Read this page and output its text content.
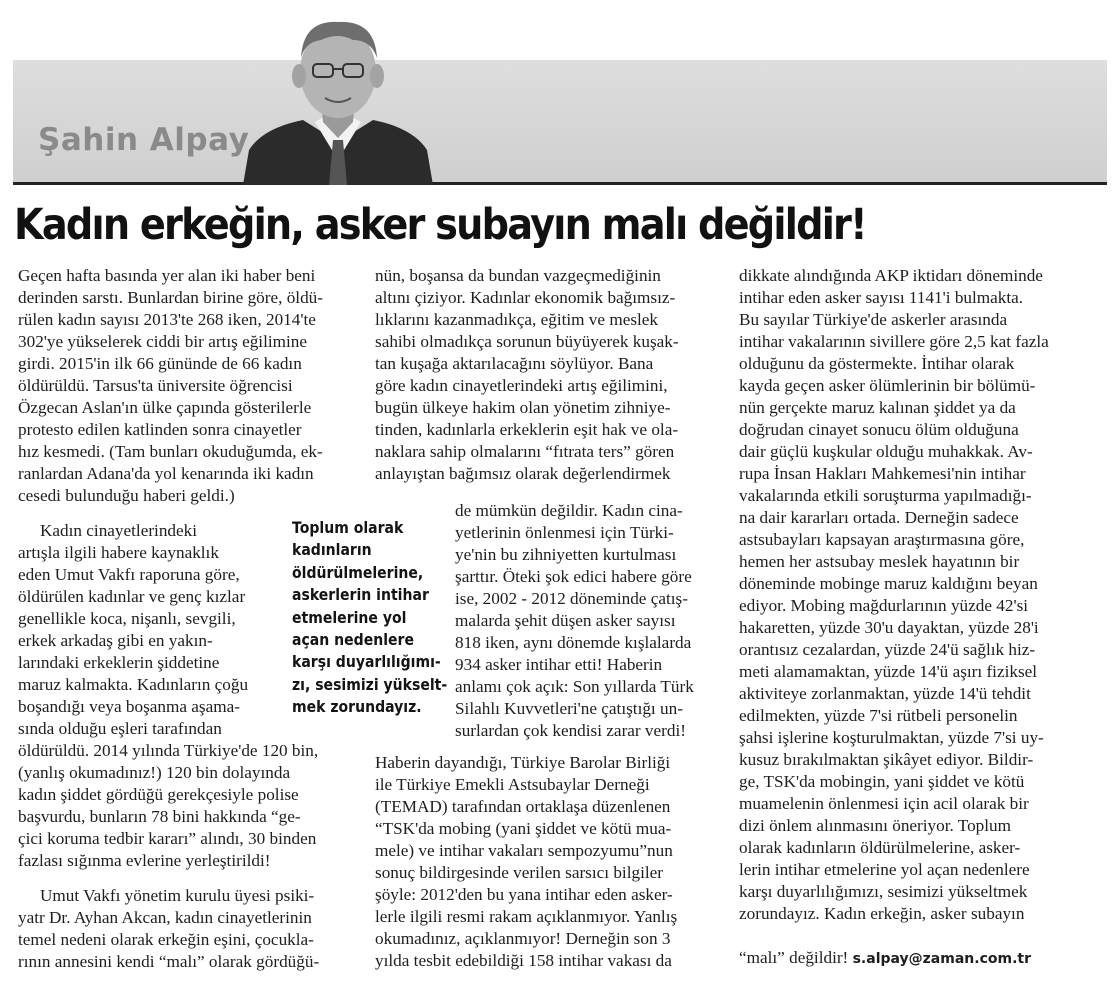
Şahin Alpay
Kadın erkeğin, asker subayın malı değildir!

Geçen hafta basında yer alan iki haber beni

derinden sarstı. Bunlardan birine göre, öldü-

rülen kadın sayısı 2013'te 268 iken, 2014'te

302'ye yükselerek ciddi bir artış eğilimine

girdi. 2015'in ilk 66 gününde de 66 kadın

öldürüldü. Tarsus'ta üniversite öğrencisi

Özgecan Aslan'ın ülke çapında gösterilerle

protesto edilen katlinden sonra cinayetler

hız kesmedi. (Tam bunları okuduğumda, ek-

ranlardan Adana'da yol kenarında iki kadın

cesedi bulunduğu haberi geldi.)

Kadın cinayetlerindeki

artışla ilgili habere kaynaklık

eden Umut Vakfı raporuna göre,

öldürülen kadınlar ve genç kızlar

genellikle koca, nişanlı, sevgili,

erkek arkadaş gibi en yakın-

larındaki erkeklerin şiddetine

maruz kalmakta. Kadınların çoğu

boşandığı veya boşanma aşama-

sında olduğu eşleri tarafından

öldürüldü. 2014 yılında Türkiye'de 120 bin,

(yanlış okumadınız!) 120 bin dolayında

kadın şiddet gördüğü gerekçesiyle polise

başvurdu, bunların 78 bini hakkında “ge-

çici koruma tedbir kararı” alındı, 30 binden

fazlası sığınma evlerine yerleştirildi!

Umut Vakfı yönetim kurulu üyesi psiki-

yatr Dr. Ayhan Akcan, kadın cinayetlerinin

temel nedeni olarak erkeğin eşini, çocukla-

rının annesini kendi “malı” olarak gördüğü-

Toplum olarak
kadınların
öldürülmelerine,
askerlerin intihar
etmelerine yol
açan nedenlere
karşı duyarlılığımı-
zı, sesimizi yükselt-
mek zorundayız.

nün, boşansa da bundan vazgeçmediğinin

altını çiziyor. Kadınlar ekonomik bağımsız-

lıklarını kazanmadıkça, eğitim ve meslek

sahibi olmadıkça sorunun büyüyerek kuşak-

tan kuşağa aktarılacağını söylüyor. Bana

göre kadın cinayetlerindeki artış eğilimini,

bugün ülkeye hakim olan yönetim zihniye-

tinden, kadınlarla erkeklerin eşit hak ve ola-

naklara sahip olmalarını “fıtrata ters” gören

anlayıştan bağımsız olarak değerlendirmek

de mümkün değildir. Kadın cina-

yetlerinin önlenmesi için Türki-

ye'nin bu zihniyetten kurtulması

şarttır. Öteki şok edici habere göre

ise, 2002 - 2012 döneminde çatış-

malarda şehit düşen asker sayısı

818 iken, aynı dönemde kışlalarda

934 asker intihar etti! Haberin

anlamı çok açık: Son yıllarda Türk

Silahlı Kuvvetleri'ne çatıştığı un-

surlardan çok kendisi zarar verdi!

Haberin dayandığı, Türkiye Barolar Birliği

ile Türkiye Emekli Astsubaylar Derneği

(TEMAD) tarafından ortaklaşa düzenlenen

“TSK'da mobing (yani şiddet ve kötü mua-

mele) ve intihar vakaları sempozyumu”nun

sonuç bildirgesinde verilen sarsıcı bilgiler

şöyle: 2012'den bu yana intihar eden asker-

lerle ilgili resmi rakam açıklanmıyor. Yanlış

okumadınız, açıklanmıyor! Derneğin son 3

yılda tesbit edebildiği 158 intihar vakası da

dikkate alındığında AKP iktidarı döneminde

intihar eden asker sayısı 1141'i bulmakta.

Bu sayılar Türkiye'de askerler arasında

intihar vakalarının sivillere göre 2,5 kat fazla

olduğunu da göstermekte. İntihar olarak

kayda geçen asker ölümlerinin bir bölümü-

nün gerçekte maruz kalınan şiddet ya da

doğrudan cinayet sonucu ölüm olduğuna

dair güçlü kuşkular olduğu muhakkak. Av-

rupa İnsan Hakları Mahkemesi'nin intihar

vakalarında etkili soruşturma yapılmadığı-

na dair kararları ortada. Derneğin sadece

astsubayları kapsayan araştırmasına göre,

hemen her astsubay meslek hayatının bir

döneminde mobinge maruz kaldığını beyan

ediyor. Mobing mağdurlarının yüzde 42'si

hakaretten, yüzde 30'u dayaktan, yüzde 28'i

orantısız cezalardan, yüzde 24'ü sağlık hiz-

meti alamamaktan, yüzde 14'ü aşırı fiziksel

aktiviteye zorlanmaktan, yüzde 14'ü tehdit

edilmekten, yüzde 7'si rütbeli personelin

şahsi işlerine koşturulmaktan, yüzde 7'si uy-

kusuz bırakılmaktan şikâyet ediyor. Bildir-

ge, TSK'da mobingin, yani şiddet ve kötü

muamelenin önlenmesi için acil olarak bir

dizi önlem alınmasını öneriyor. Toplum

olarak kadınların öldürülmelerine, asker-

lerin intihar etmelerine yol açan nedenlere

karşı duyarlılığımızı, sesimizi yükseltmek

zorundayız. Kadın erkeğin, asker subayın

“malı” değildir! s.alpay@zaman.com.tr
